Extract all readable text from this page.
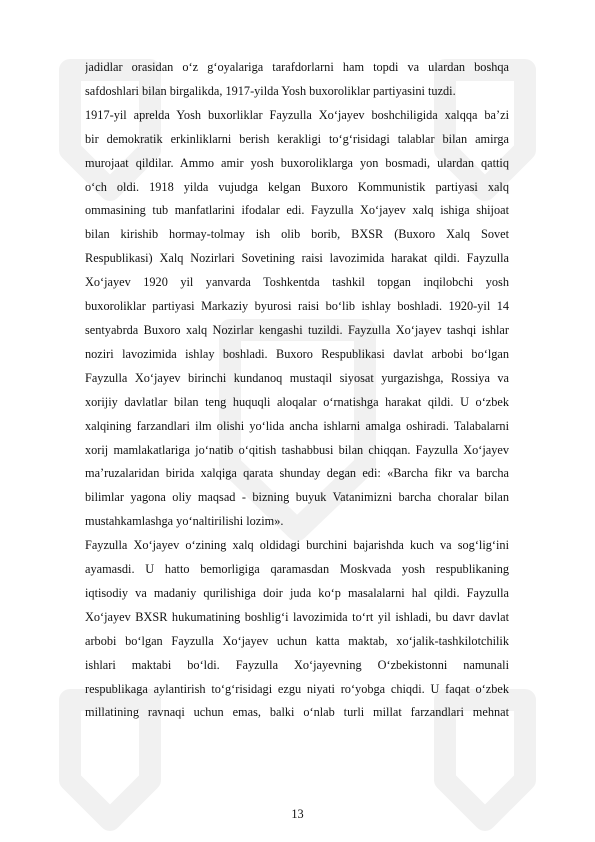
jadidlar orasidan o‘z g‘oyalariga tarafdorlarni ham topdi va ulardan boshqa
safdoshlari bilan birgalikda, 1917-yilda Yosh buxoroliklar partiyasini tuzdi.
1917-yil aprelda Yosh buxorliklar Fayzulla Xo‘jayev boshchiligida xalqqa ba’zi
bir demokratik erkinliklarni berish kerakligi to‘g‘risidagi talablar bilan amirga
murojaat qildilar. Ammo amir yosh buxoroliklarga yon bosmadi, ulardan qattiq
o‘ch oldi. 1918 yilda vujudga kelgan Buxoro Kommunistik partiyasi xalq
ommasining tub manfatlarini ifodalar edi. Fayzulla Xo‘jayev xalq ishiga shijoat
bilan kirishib hormay-tolmay ish olib borib, BXSR (Buxoro Xalq Sovet
Respublikasi) Xalq Nozirlari Sovetining raisi lavozimida harakat qildi. Fayzulla
Xo‘jayev 1920 yil yanvarda Toshkentda tashkil topgan inqilobchi yosh
buxoroliklar partiyasi Markaziy byurosi raisi bo‘lib ishlay boshladi. 1920-yil 14
sentyabrda Buxoro xalq Nozirlar kengashi tuzildi. Fayzulla Xo‘jayev tashqi ishlar
noziri lavozimida ishlay boshladi. Buxoro Respublikasi davlat arbobi bo‘lgan
Fayzulla Xo‘jayev birinchi kundanoq mustaqil siyosat yurgazishga, Rossiya va
xorijiy davlatlar bilan teng huquqli aloqalar o‘rnatishga harakat qildi. U o‘zbek
xalqining farzandlari ilm olishi yo‘lida ancha ishlarni amalga oshiradi. Talabalarni
xorij mamlakatlariga jo‘natib o‘qitish tashabbusi bilan chiqqan. Fayzulla Xo‘jayev
ma’ruzalaridan birida xalqiga qarata shunday degan edi: «Barcha fikr va barcha
bilimlar yagona oliy maqsad - bizning buyuk Vatanimizni barcha choralar bilan
mustahkamlashga yo‘naltirilishi lozim».
Fayzulla Xo‘jayev o‘zining xalq oldidagi burchini bajarishda kuch va sog‘lig‘ini
ayamasdi. U hatto bemorligiga qaramasdan Moskvada yosh respublikaning
iqtisodiy va madaniy qurilishiga doir juda ko‘p masalalarni hal qildi. Fayzulla
Xo‘jayev BXSR hukumatining boshlig‘i lavozimida to‘rt yil ishladi, bu davr davlat
arbobi bo‘lgan Fayzulla Xo‘jayev uchun katta maktab, xo‘jalik-tashkilotchilik
ishlari maktabi bo‘ldi. Fayzulla Xo‘jayevning O‘zbekistonni namunali
respublikaga aylantirish to‘g‘risidagi ezgu niyati ro‘yobga chiqdi. U faqat o‘zbek
millatining ravnaqi uchun emas, balki o‘nlab turli millat farzandlari mehnat
13
